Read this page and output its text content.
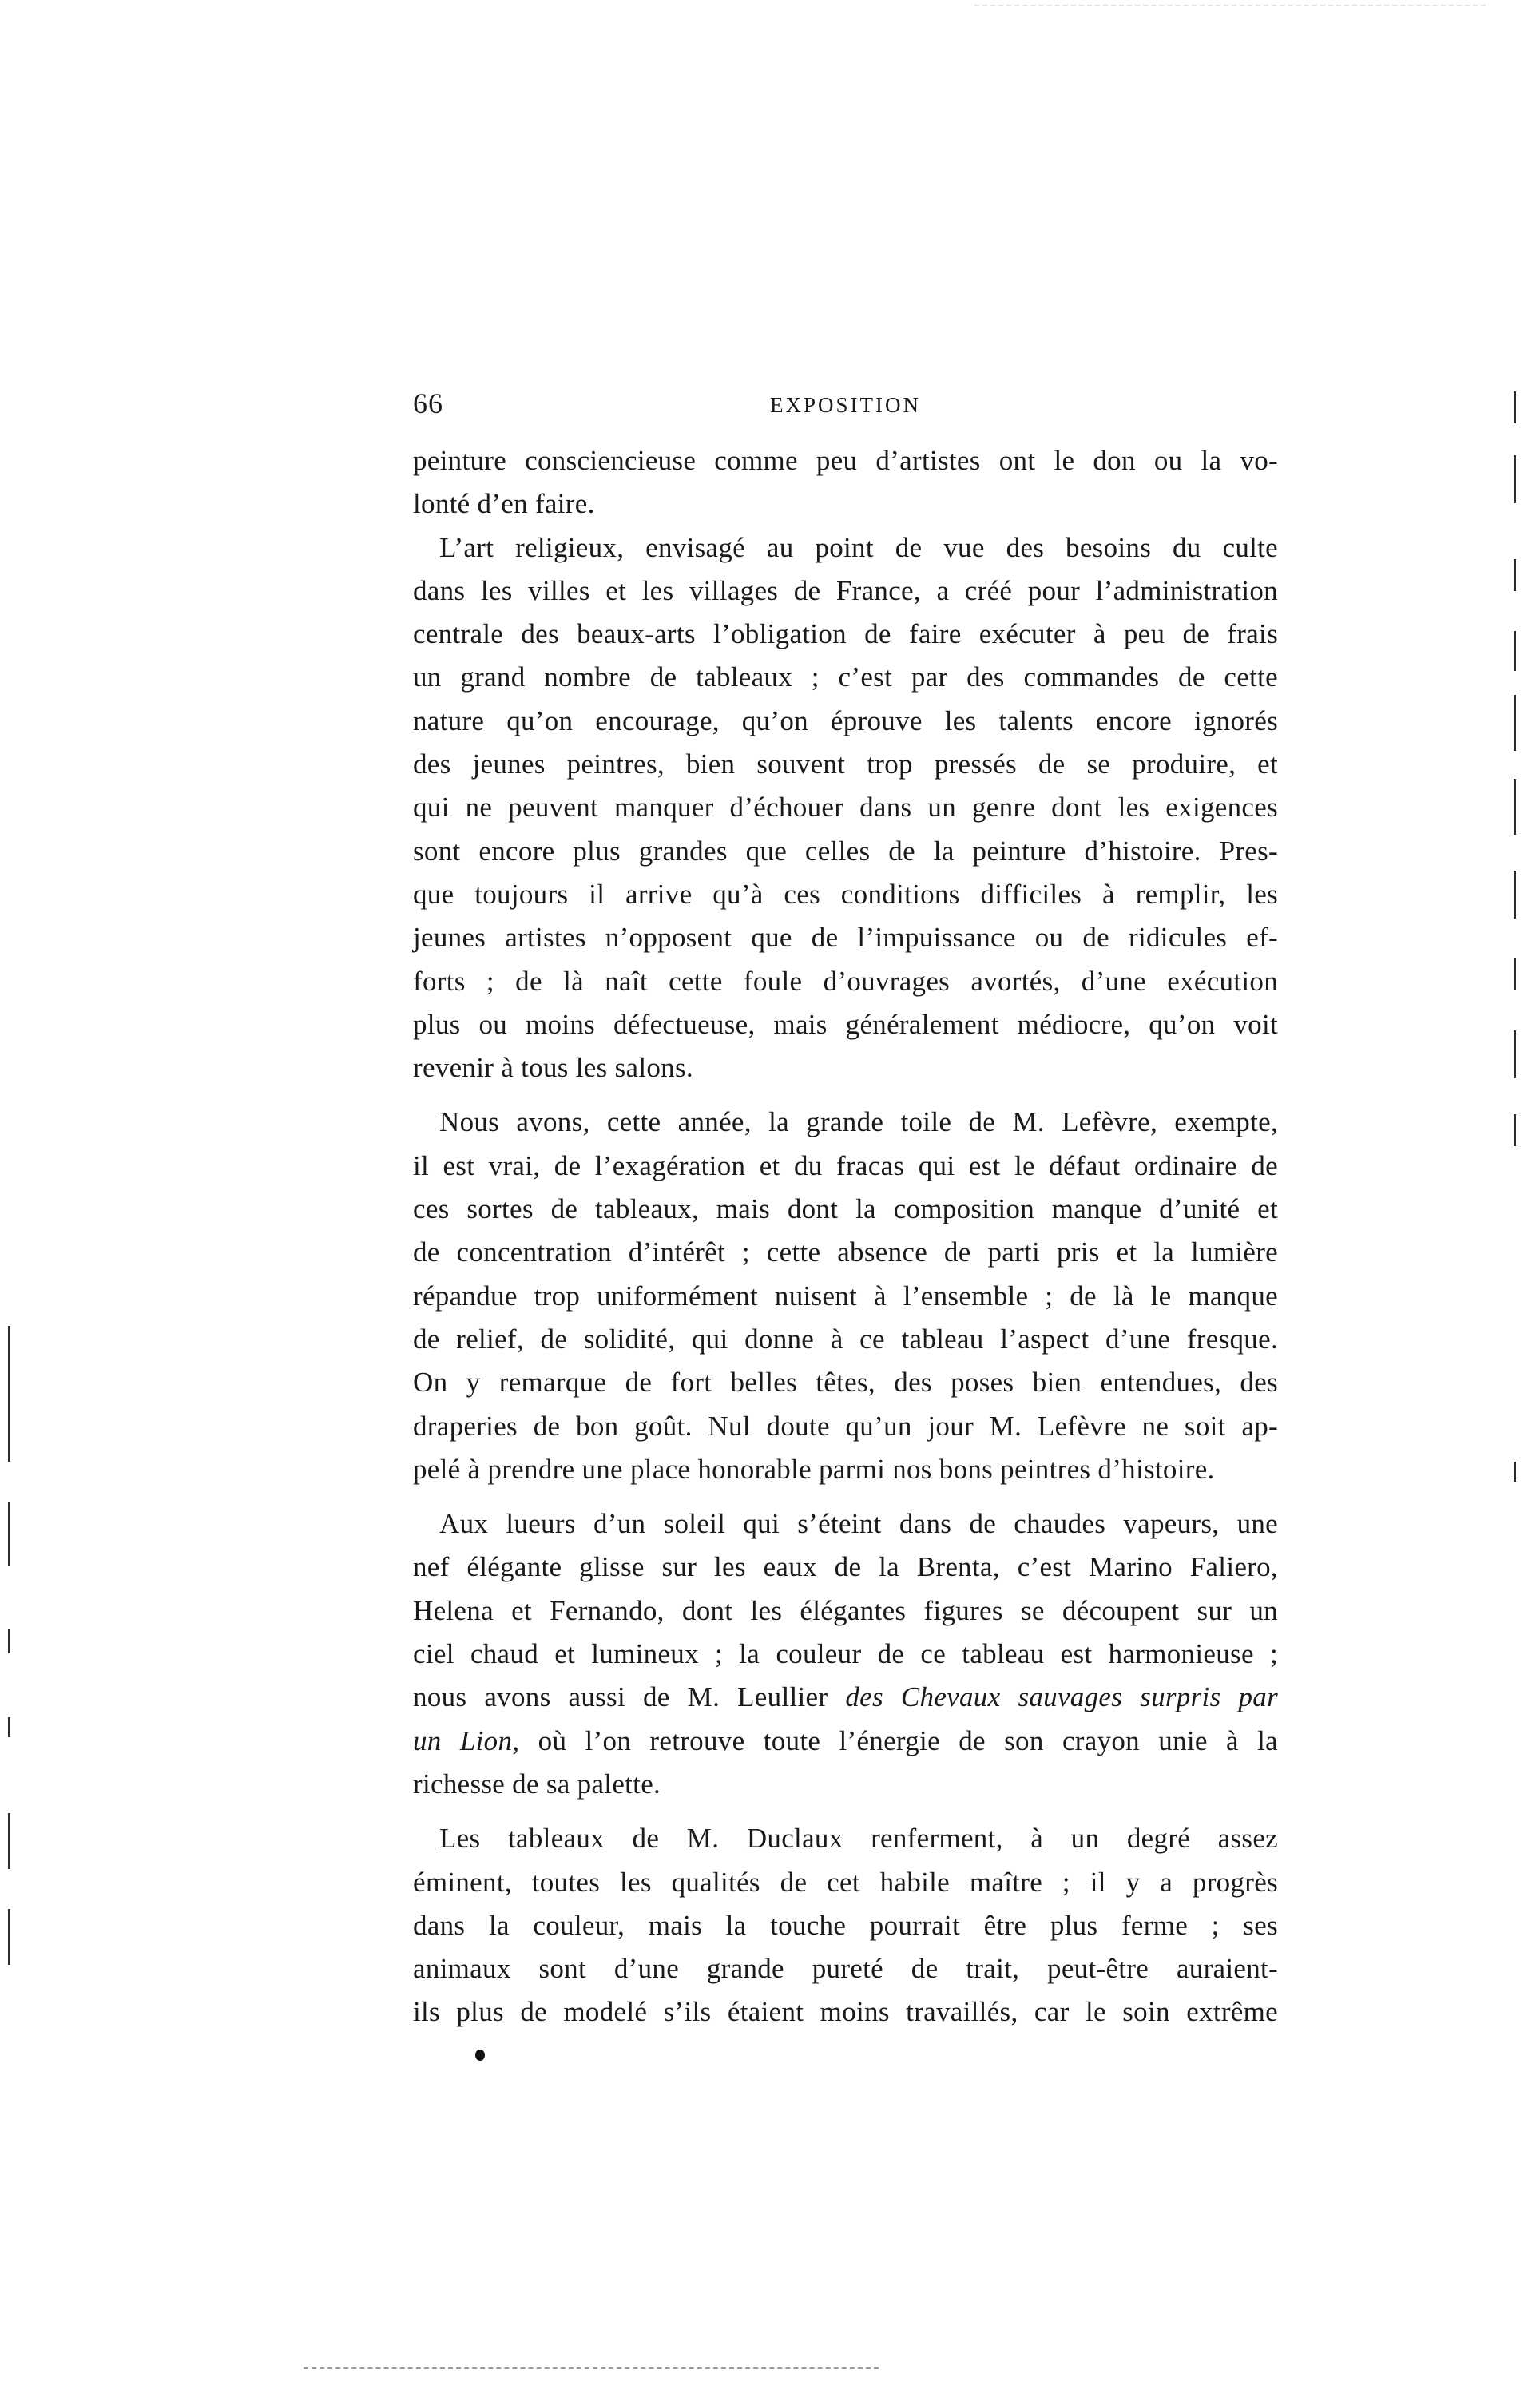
66	EXPOSITION
peinture consciencieuse comme peu d’artistes ont le don ou la vo-
lonté d’en faire.
L’art religieux, envisagé au point de vue des besoins du culte
dans les villes et les villages de France, a créé pour l’administration
centrale des beaux-arts l’obligation de faire exécuter à peu de frais
un grand nombre de tableaux ; c’est par des commandes de cette
nature qu’on encourage, qu’on éprouve les talents encore ignorés
des jeunes peintres, bien souvent trop pressés de se produire, et
qui ne peuvent manquer d’échouer dans un genre dont les exigences
sont encore plus grandes que celles de la peinture d’histoire. Pres-
que toujours il arrive qu’à ces conditions difficiles à remplir, les
jeunes artistes n’opposent que de l’impuissance ou de ridicules ef-
forts ; de là naît cette foule d’ouvrages avortés, d’une exécution
plus ou moins défectueuse, mais généralement médiocre, qu’on voit
revenir à tous les salons.
Nous avons, cette année, la grande toile de M. Lefèvre, exempte,
il est vrai, de l’exagération et du fracas qui est le défaut ordinaire de
ces sortes de tableaux, mais dont la composition manque d’unité et
de concentration d’intérêt ; cette absence de parti pris et la lumière
répandue trop uniformément nuisent à l’ensemble ; de là le manque
de relief, de solidité, qui donne à ce tableau l’aspect d’une fresque.
On y remarque de fort belles têtes, des poses bien entendues, des
draperies de bon goût. Nul doute qu’un jour M. Lefèvre ne soit ap-
pelé à prendre une place honorable parmi nos bons peintres d’histoire.
Aux lueurs d’un soleil qui s’éteint dans de chaudes vapeurs, une
nef élégante glisse sur les eaux de la Brenta, c’est Marino Faliero,
Helena et Fernando, dont les élégantes figures se découpent sur un
ciel chaud et lumineux ; la couleur de ce tableau est harmonieuse ;
nous avons aussi de M. Leullier des Chevaux sauvages surpris par
un Lion, où l’on retrouve toute l’énergie de son crayon unie à la
richesse de sa palette.
Les tableaux de M. Duclaux renferment, à un degré assez
éminent, toutes les qualités de cet habile maître ; il y a progrès
dans la couleur, mais la touche pourrait être plus ferme ; ses
animaux sont d’une grande pureté de trait, peut-être auraient-
ils plus de modelé s’ils étaient moins travaillés, car le soin extrême
